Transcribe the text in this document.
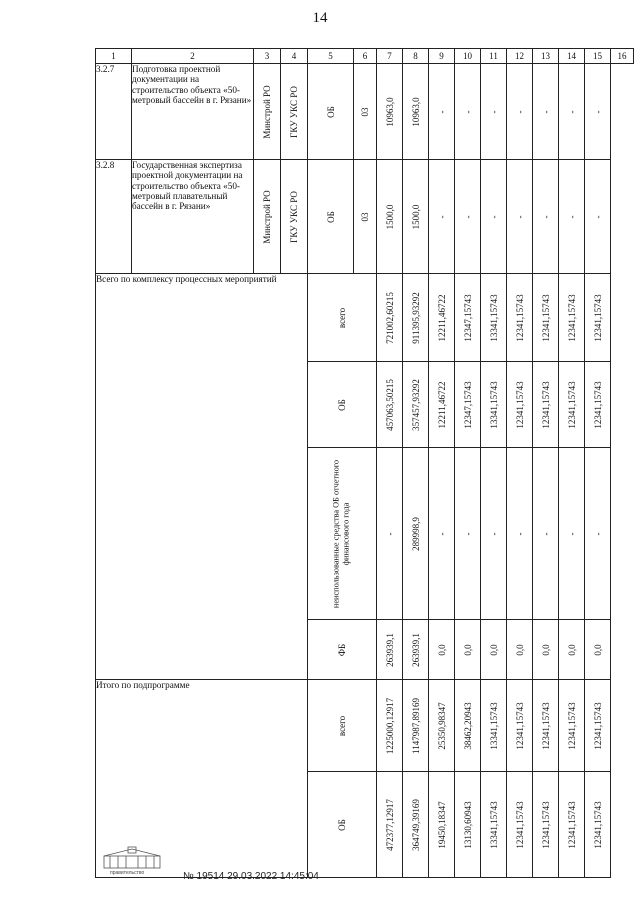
14
1	2	3	4	5	6	7	8	9	10	11	12	13	14	15	16
3.2.7	Подготовка проектной документации на строительство объекта «50-метровый бассейн в г. Рязани»	Минстрой РО	ГКУ УКС РО	ОБ	03	10963,0	10963,0	-	-	-	-	-	-	-	

3.2.8	Государственная экспертиза проектной документации на строительство объекта «50-метровый плавательный бассейн в г. Рязани»	Минстрой РО	ГКУ УКС РО	ОБ	03	1500,0	1500,0	-	-	-	-	-	-	-	

Всего по комплексу процессных мероприятий				всего		721002,60215	911395,93292	12211,46722	12347,15743	13341,15743	12341,15743	12341,15743	12341,15743	12341,15743	

				ОБ		457063,50215	357457,93292	12211,46722	12347,15743	13341,15743	12341,15743	12341,15743	12341,15743	12341,15743	

				неиспользованные средства ОБ отчетного финансового года		-	289998,9	-	-	-	-	-	-	-	

				ФБ		263939,1	263939,1	0,0	0,0	0,0	0,0	0,0	0,0	0,0	

Итого по подпрограмме				всего		1225000,12917	1147987,89169	25350,98347	38462,20943	13341,15743	12341,15743	12341,15743	12341,15743	12341,15743	

				ОБ		472377,12917	364749,39169	19450,18347	13130,60943	13341,15743	12341,15743	12341,15743	12341,15743	12341,15743	
правительство	№ 19514 29.03.2022 14:45:04
